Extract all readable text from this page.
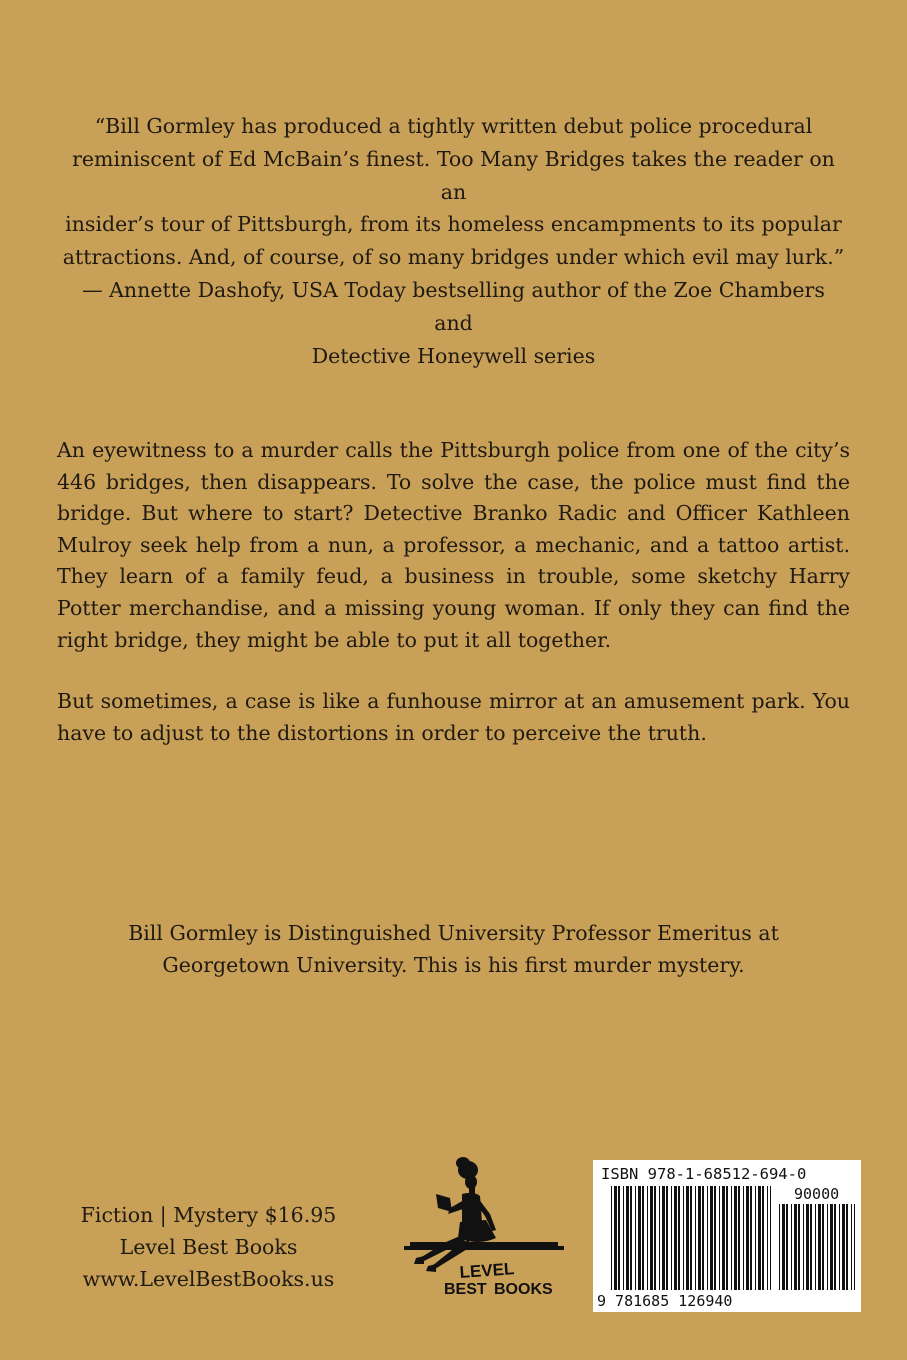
“Bill Gormley has produced a tightly written debut police procedural

reminiscent of Ed McBain’s finest. Too Many Bridges takes the reader on an

insider’s tour of Pittsburgh, from its homeless encampments to its popular

attractions. And, of course, of so many bridges under which evil may lurk.”

— Annette Dashofy, USA Today bestselling author of the Zoe Chambers and

Detective Honeywell series

An eyewitness to a murder calls the Pittsburgh police from one of the city’s 446 bridges, then disappears. To solve the case, the police must find the bridge. But where to start? Detective Branko Radic and Officer Kathleen Mulroy seek help from a nun, a professor, a mechanic, and a tattoo artist. They learn of a family feud, a business in trouble, some sketchy Harry Potter merchandise, and a missing young woman. If only they can find the right bridge, they might be able to put it all together.

But sometimes, a case is like a funhouse mirror at an amusement park. You have to adjust to the distortions in order to perceive the truth.

Bill Gormley is Distinguished University Professor Emeritus at

Georgetown University. This is his first murder mystery.

Fiction | Mystery $16.95
Level Best Books
www.LevelBestBooks.us	LEVEL
BEST BOOKS
ISBN 978-1-68512-694-0
90000
9 781685 126940
